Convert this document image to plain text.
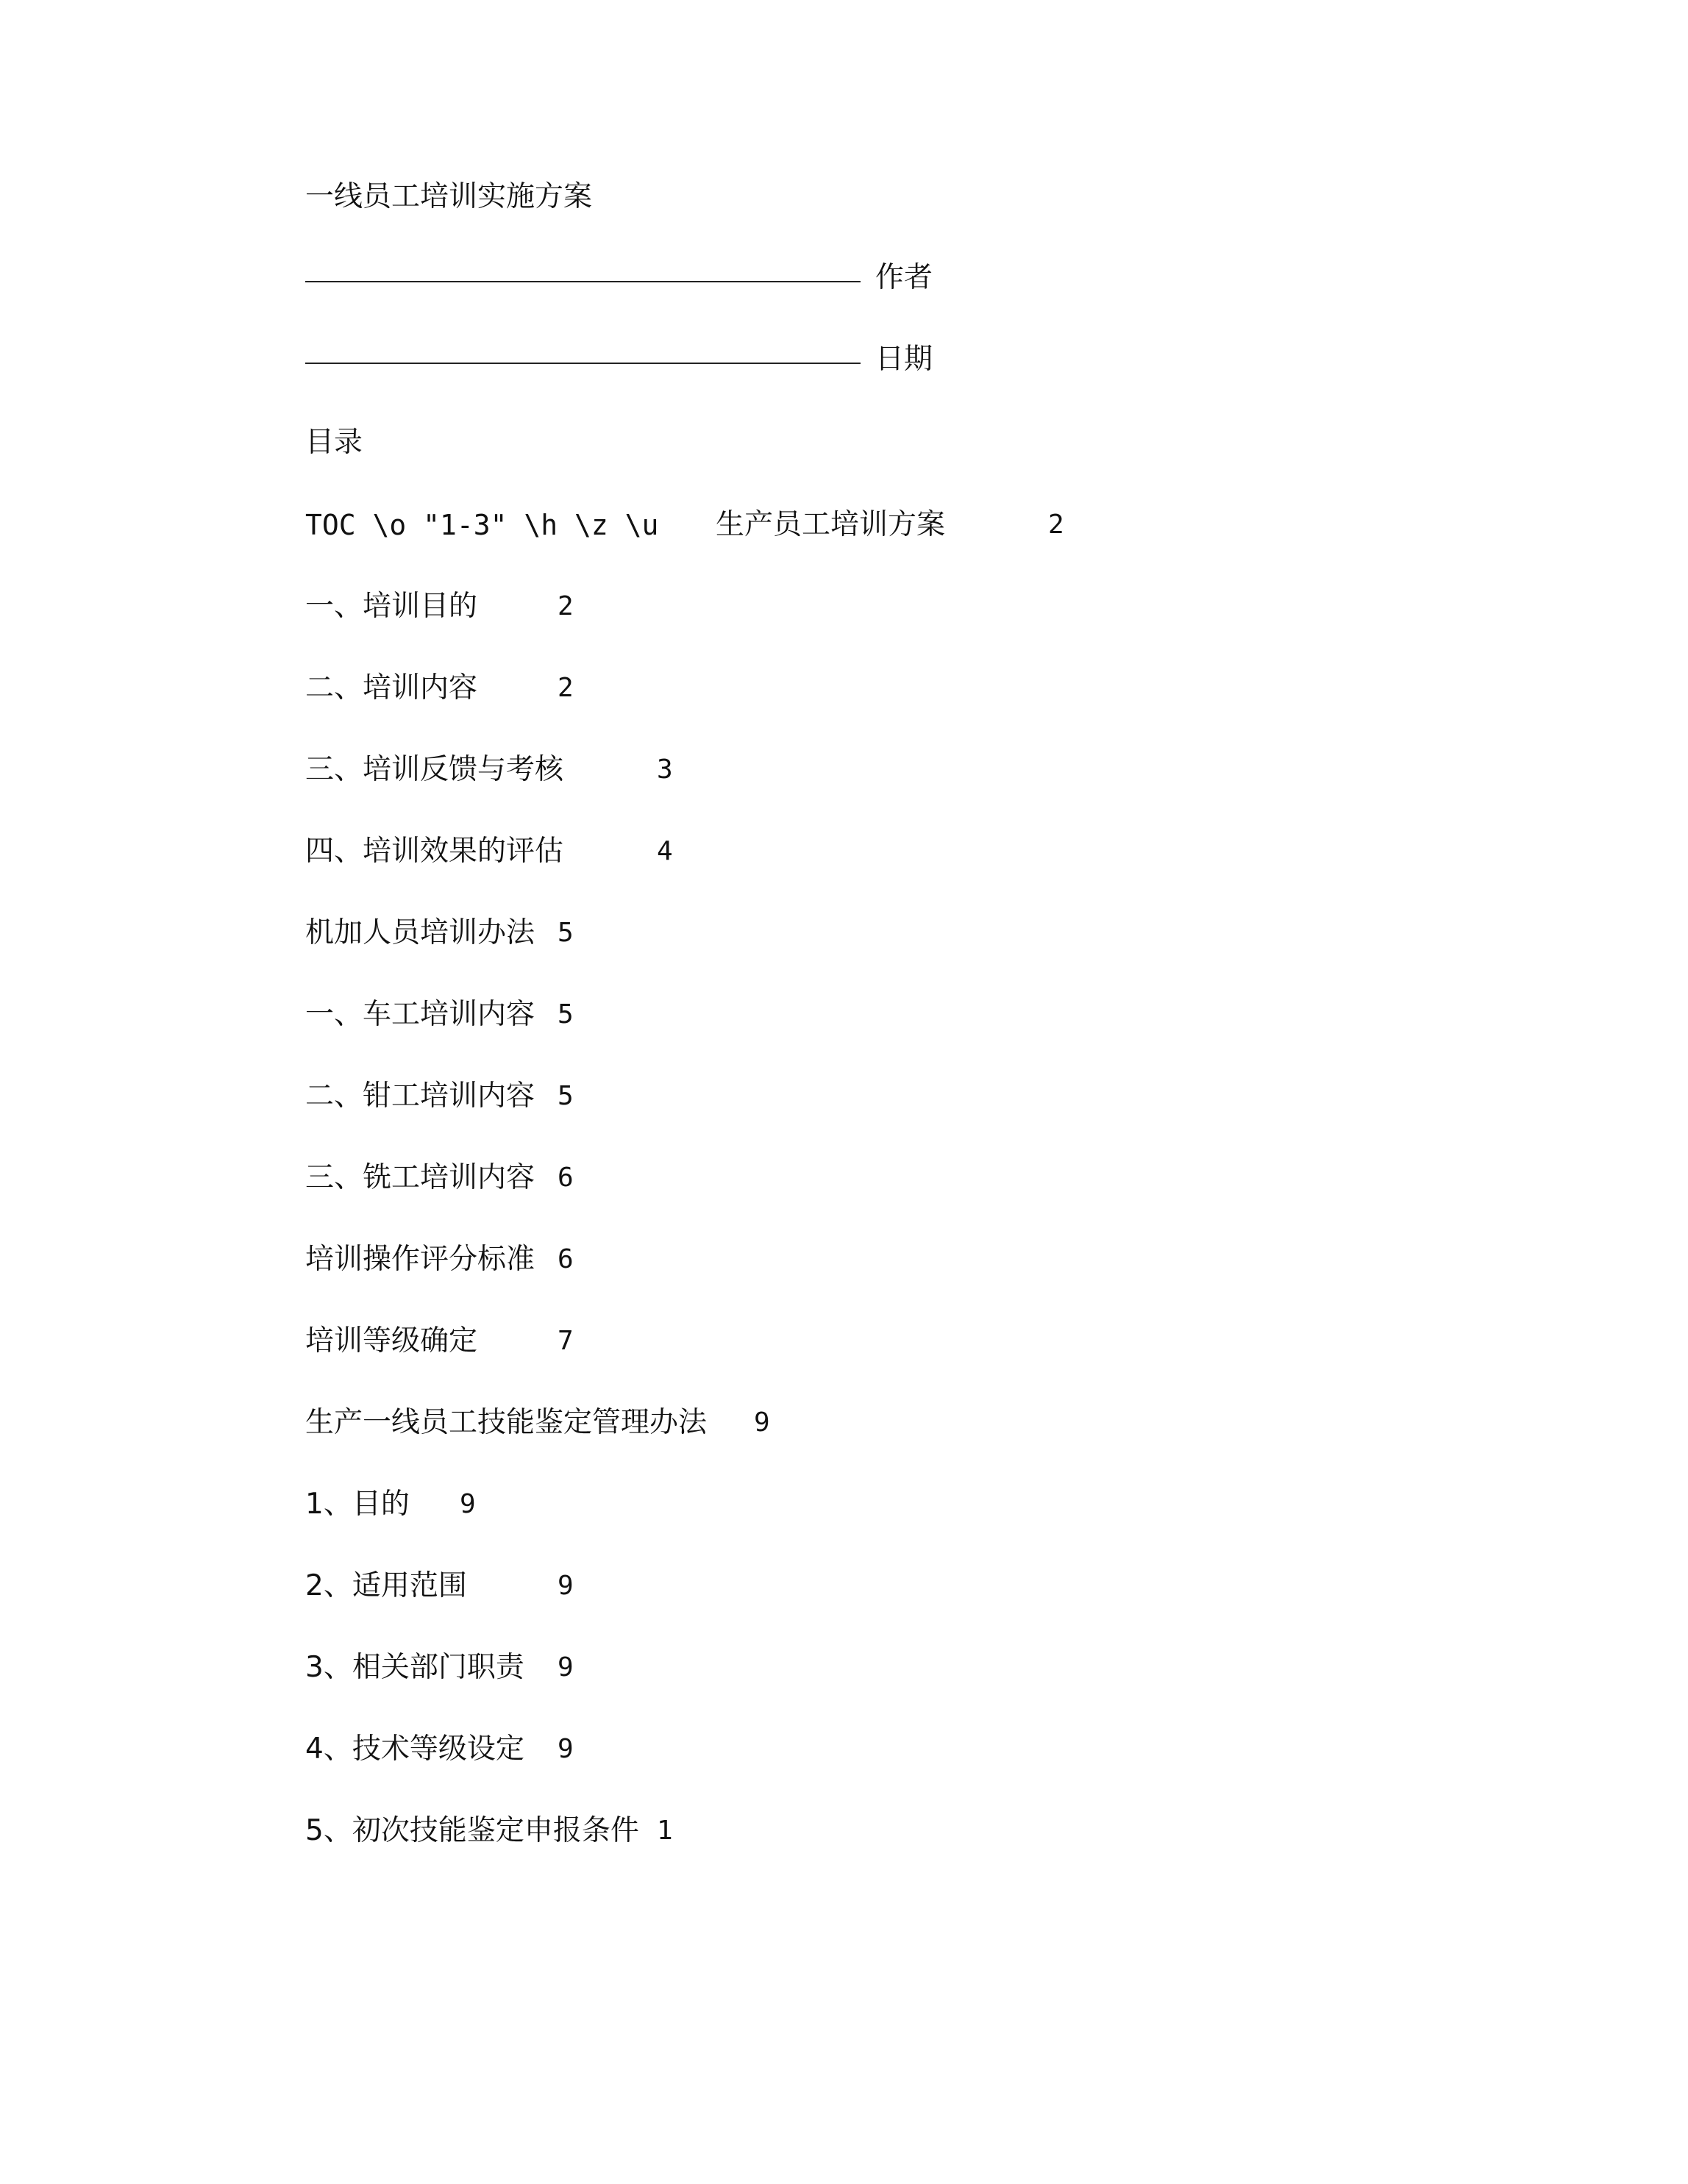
一线员工培训实施方案
作者
日期
目录
TOC \o "1-3" \h \z \u 生产员工培训方案	2
一、培训目的	2
二、培训内容	2
三、培训反馈与考核	3
四、培训效果的评估	4
机加人员培训办法 5
一、车工培训内容 5
二、钳工培训内容 5
三、铣工培训内容 6
培训操作评分标准 6
培训等级确定	7
生产一线员工技能鉴定管理办法 9
1、目的 9
2、适用范围	9
3、相关部门职责 9
4、技术等级设定 9
5、初次技能鉴定申报条件 1
